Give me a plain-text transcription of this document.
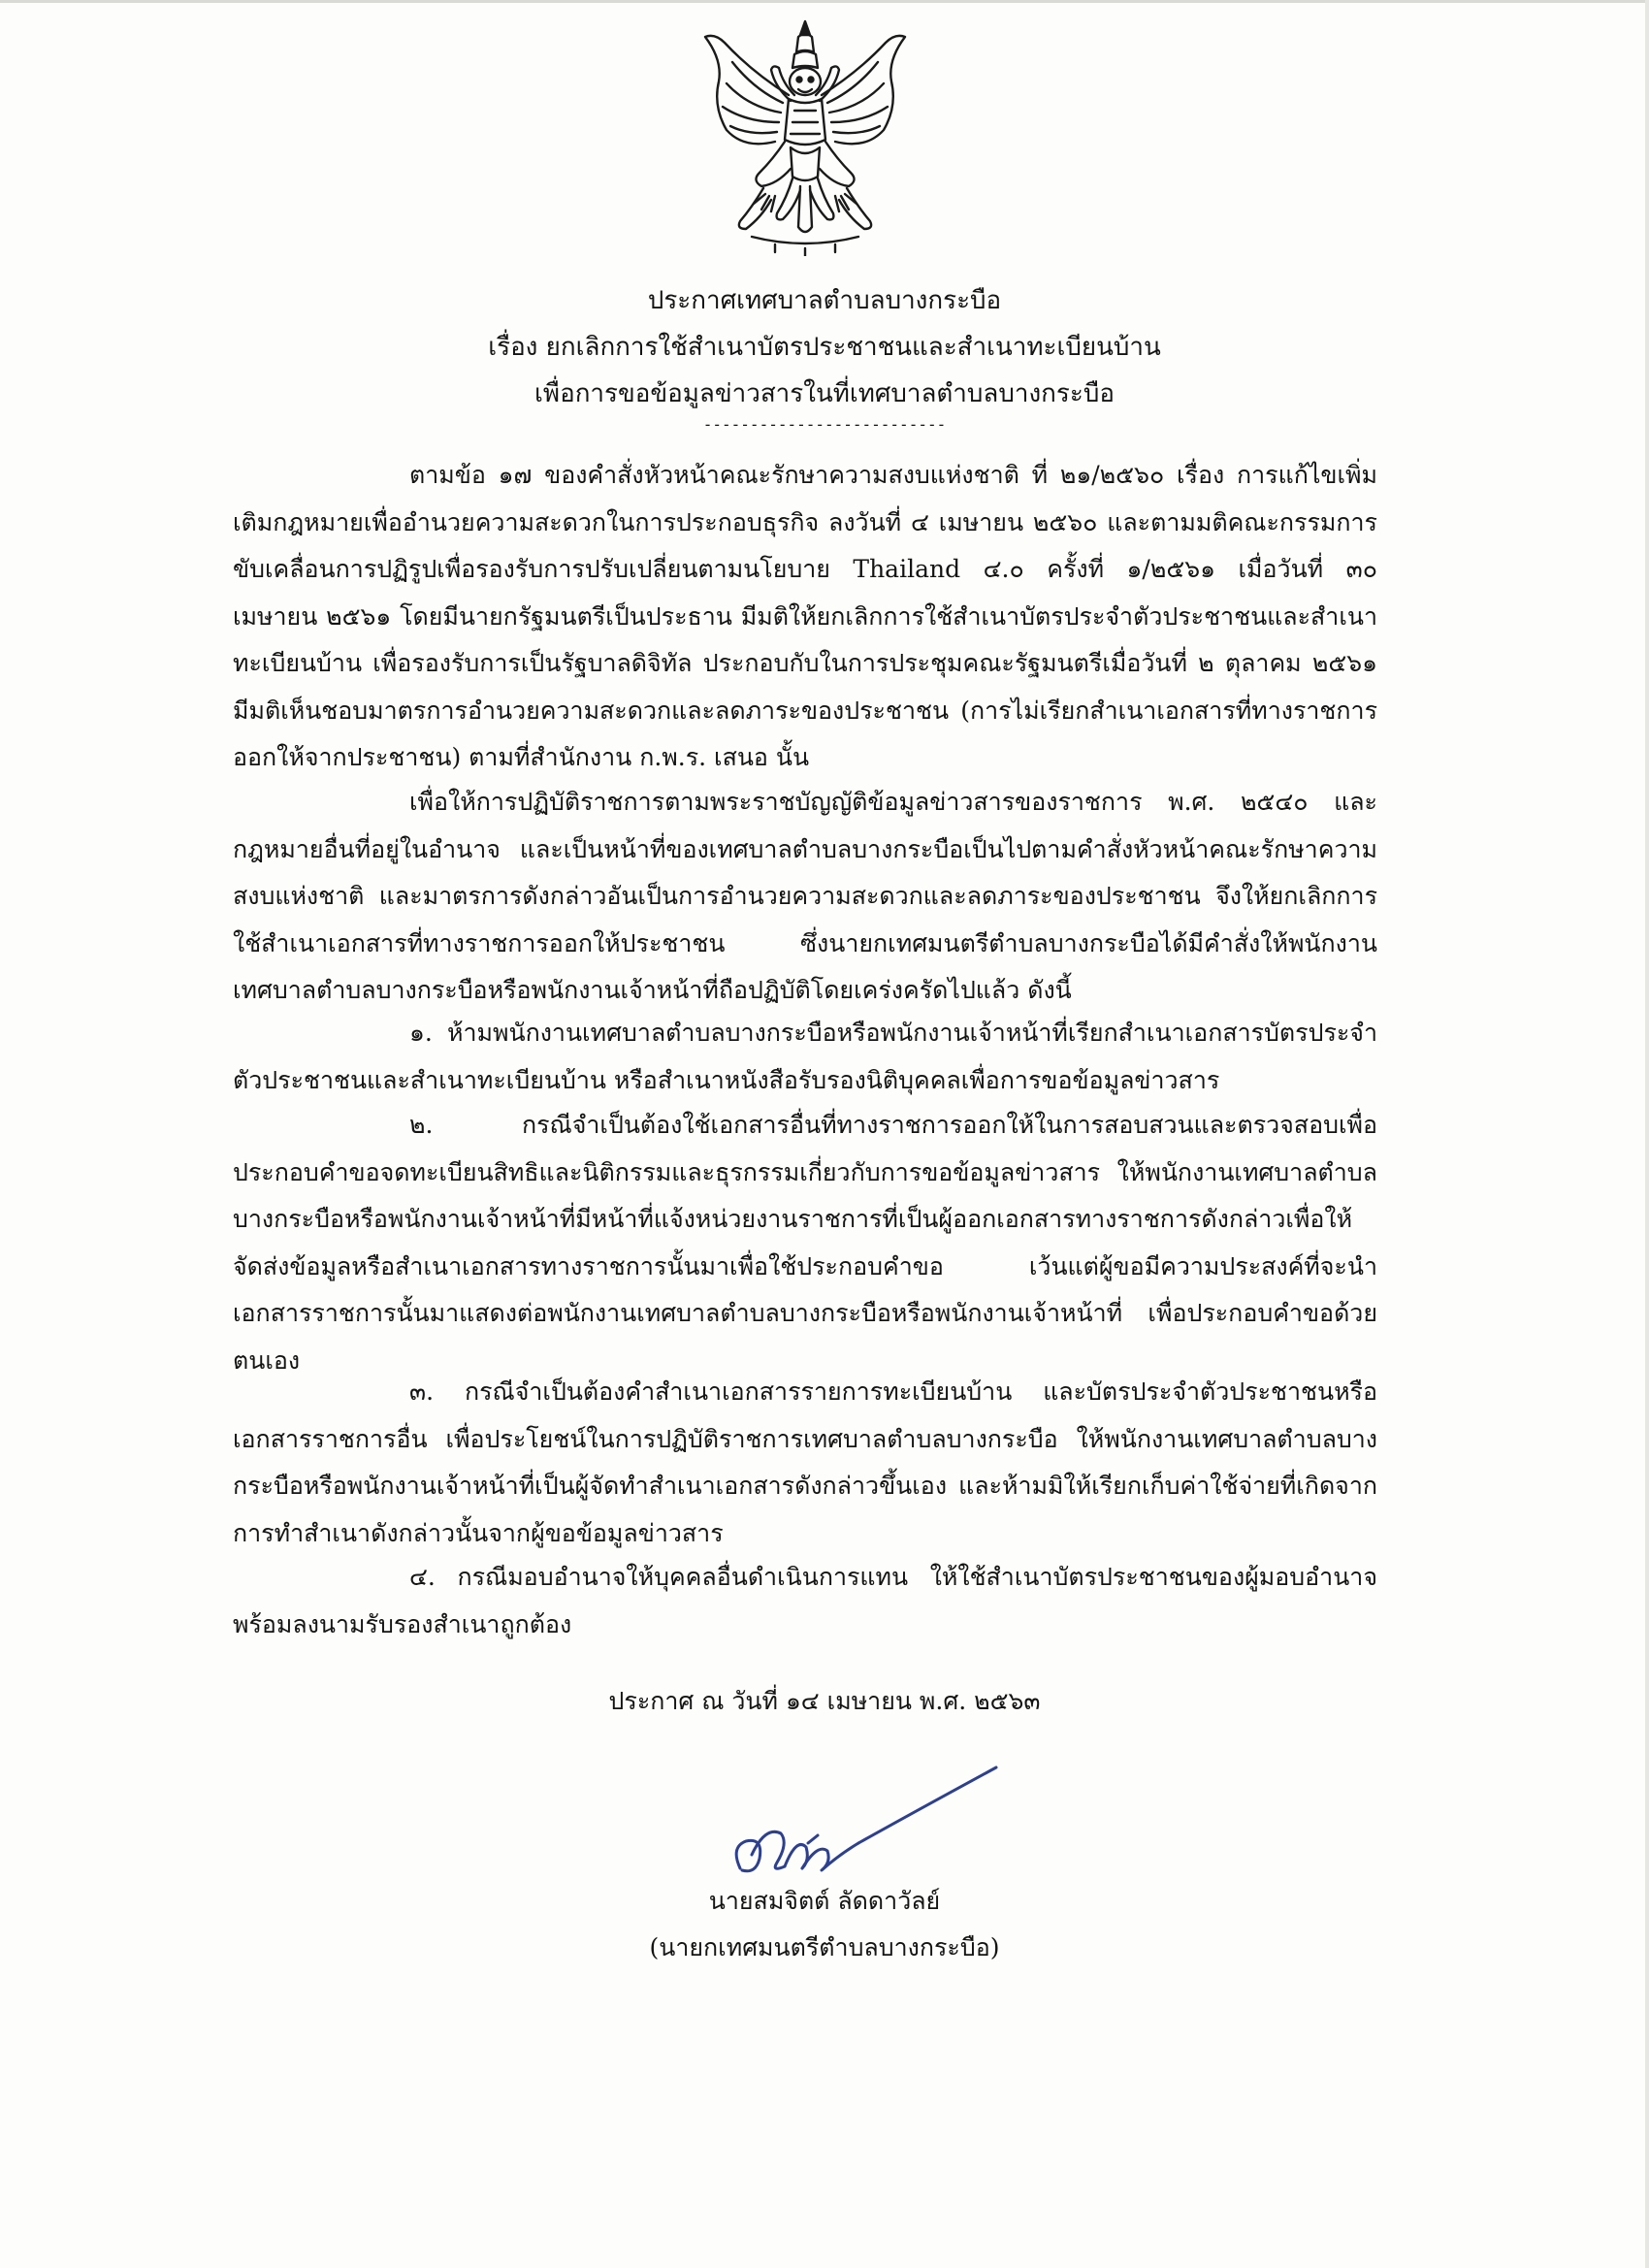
ประกาศเทศบาลตำบลบางกระบือ
เรื่อง ยกเลิกการใช้สำเนาบัตรประชาชนและสำเนาทะเบียนบ้าน
เพื่อการขอข้อมูลข่าวสารในที่เทศบาลตำบลบางกระบือ
--------------------------

ตามข้อ ๑๗ ของคำสั่งหัวหน้าคณะรักษาความสงบแห่งชาติ ที่ ๒๑/๒๕๖๐ เรื่อง การแก้ไขเพิ่มเติมกฎหมายเพื่ออำนวยความสะดวกในการประกอบธุรกิจ ลงวันที่ ๔ เมษายน ๒๕๖๐ และตามมติคณะกรรมการขับเคลื่อนการปฏิรูปเพื่อรองรับการปรับเปลี่ยนตามนโยบาย Thailand ๔.๐ ครั้งที่ ๑/๒๕๖๑ เมื่อวันที่ ๓๐ เมษายน ๒๕๖๑ โดยมีนายกรัฐมนตรีเป็นประธาน มีมติให้ยกเลิกการใช้สำเนาบัตรประจำตัวประชาชนและสำเนาทะเบียนบ้าน เพื่อรองรับการเป็นรัฐบาลดิจิทัล ประกอบกับในการประชุมคณะรัฐมนตรีเมื่อวันที่ ๒ ตุลาคม ๒๕๖๑ มีมติเห็นชอบมาตรการอำนวยความสะดวกและลดภาระของประชาชน (การไม่เรียกสำเนาเอกสารที่ทางราชการออกให้จากประชาชน) ตามที่สำนักงาน ก.พ.ร. เสนอ นั้น

เพื่อให้การปฏิบัติราชการตามพระราชบัญญัติข้อมูลข่าวสารของราชการ พ.ศ. ๒๕๔๐ และกฎหมายอื่นที่อยู่ในอำนาจ และเป็นหน้าที่ของเทศบาลตำบลบางกระบือเป็นไปตามคำสั่งหัวหน้าคณะรักษาความสงบแห่งชาติ และมาตรการดังกล่าวอันเป็นการอำนวยความสะดวกและลดภาระของประชาชน จึงให้ยกเลิกการใช้สำเนาเอกสารที่ทางราชการออกให้ประชาชน ซึ่งนายกเทศมนตรีตำบลบางกระบือได้มีคำสั่งให้พนักงานเทศบาลตำบลบางกระบือหรือพนักงานเจ้าหน้าที่ถือปฏิบัติโดยเคร่งครัดไปแล้ว ดังนี้

๑. ห้ามพนักงานเทศบาลตำบลบางกระบือหรือพนักงานเจ้าหน้าที่เรียกสำเนาเอกสารบัตรประจำตัวประชาชนและสำเนาทะเบียนบ้าน หรือสำเนาหนังสือรับรองนิติบุคคลเพื่อการขอข้อมูลข่าวสาร

๒. กรณีจำเป็นต้องใช้เอกสารอื่นที่ทางราชการออกให้ในการสอบสวนและตรวจสอบเพื่อประกอบคำขอจดทะเบียนสิทธิและนิติกรรมและธุรกรรมเกี่ยวกับการขอข้อมูลข่าวสาร ให้พนักงานเทศบาลตำบลบางกระบือหรือพนักงานเจ้าหน้าที่มีหน้าที่แจ้งหน่วยงานราชการที่เป็นผู้ออกเอกสารทางราชการดังกล่าวเพื่อให้จัดส่งข้อมูลหรือสำเนาเอกสารทางราชการนั้นมาเพื่อใช้ประกอบคำขอ เว้นแต่ผู้ขอมีความประสงค์ที่จะนำเอกสารราชการนั้นมาแสดงต่อพนักงานเทศบาลตำบลบางกระบือหรือพนักงานเจ้าหน้าที่ เพื่อประกอบคำขอด้วยตนเอง

๓. กรณีจำเป็นต้องคำสำเนาเอกสารรายการทะเบียนบ้าน และบัตรประจำตัวประชาชนหรือเอกสารราชการอื่น เพื่อประโยชน์ในการปฏิบัติราชการเทศบาลตำบลบางกระบือ ให้พนักงานเทศบาลตำบลบางกระบือหรือพนักงานเจ้าหน้าที่เป็นผู้จัดทำสำเนาเอกสารดังกล่าวขึ้นเอง และห้ามมิให้เรียกเก็บค่าใช้จ่ายที่เกิดจากการทำสำเนาดังกล่าวนั้นจากผู้ขอข้อมูลข่าวสาร

๔. กรณีมอบอำนาจให้บุคคลอื่นดำเนินการแทน ให้ใช้สำเนาบัตรประชาชนของผู้มอบอำนาจพร้อมลงนามรับรองสำเนาถูกต้อง

ประกาศ ณ วันที่ ๑๔ เมษายน พ.ศ. ๒๕๖๓
นายสมจิตต์ ลัดดาวัลย์
(นายกเทศมนตรีตำบลบางกระบือ)
